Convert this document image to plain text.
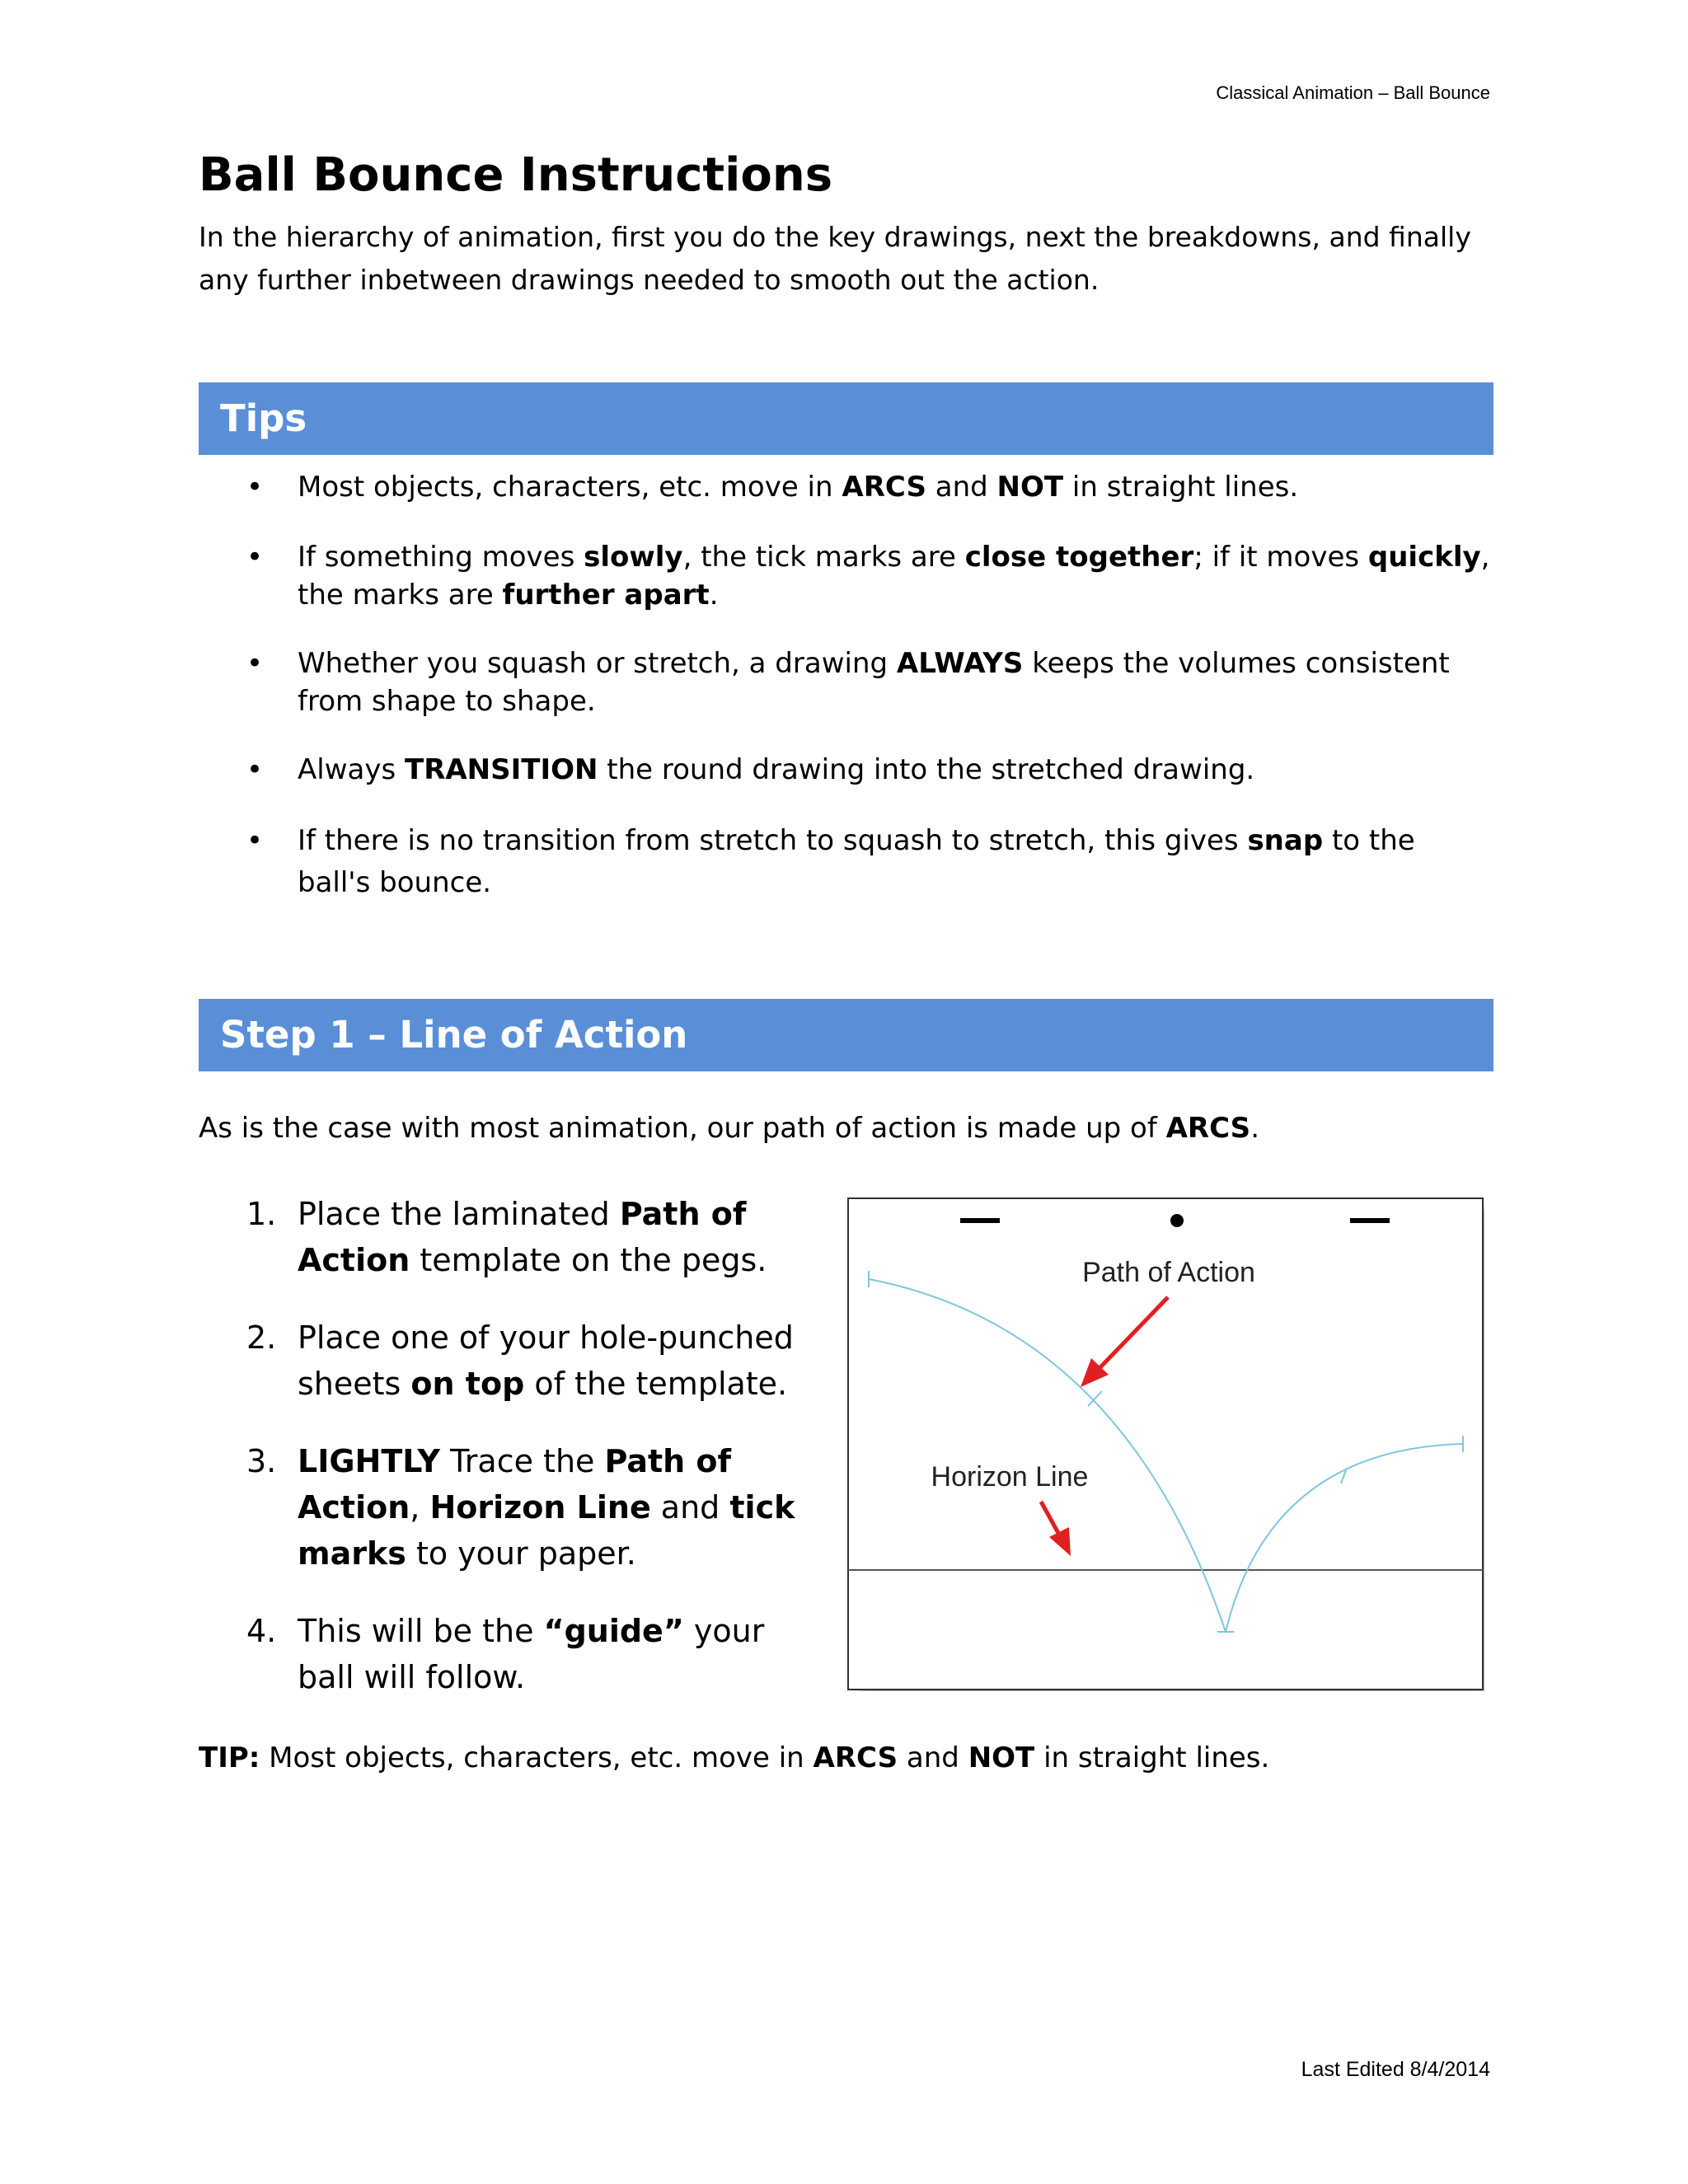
Classical Animation – Ball Bounce
Ball Bounce Instructions
In the hierarchy of animation, first you do the key drawings, next the breakdowns, and finally any further inbetween drawings needed to smooth out the action.
Tips
• Most objects, characters, etc. move in ARCS and NOT in straight lines.
• If something moves slowly, the tick marks are close together; if it moves quickly, the marks are further apart.
• Whether you squash or stretch, a drawing ALWAYS keeps the volumes consistent from shape to shape.
• Always TRANSITION the round drawing into the stretched drawing.
• If there is no transition from stretch to squash to stretch, this gives snap to the ball's bounce.
Step 1 – Line of Action
As is the case with most animation, our path of action is made up of ARCS.
1. Place the laminated Path of Action template on the pegs.
2. Place one of your hole-punched sheets on top of the template.
3. LIGHTLY Trace the Path of Action, Horizon Line and tick marks to your paper.
4. This will be the “guide” your ball will follow.
Path of Action
Horizon Line
TIP: Most objects, characters, etc. move in ARCS and NOT in straight lines.
Last Edited 8/4/2014
